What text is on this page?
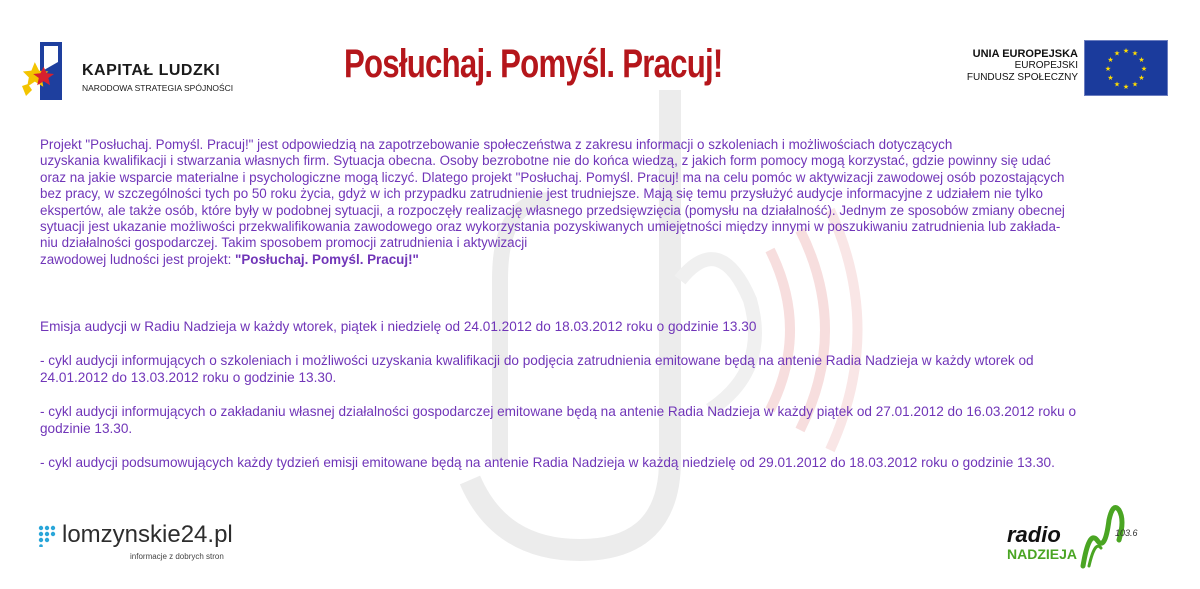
KAPITAŁ LUDZKI
NARODOWA STRATEGIA SPÓJNOŚCI
Posłuchaj. Pomyśl. Pracuj!	UNIA EUROPEJSKA
EUROPEJSKI
FUNDUSZ SPOŁECZNY
★ ★
★
★
★
★
★
★
★
★
★
★

Projekt "Posłuchaj. Pomyśl. Pracuj!" jest odpowiedzią na zapotrzebowanie społeczeństwa z zakresu informacji o szkoleniach i możliwościach dotyczących
uzyskania kwalifikacji i stwarzania własnych firm. Sytuacja obecna. Osoby bezrobotne nie do końca wiedzą, z jakich form pomocy mogą korzystać, gdzie powinny się udać
oraz na jakie wsparcie materialne i psychologiczne mogą liczyć. Dlatego projekt "Posłuchaj. Pomyśl. Pracuj! ma na celu pomóc w aktywizacji zawodowej osób pozostających
bez pracy, w szczególności tych po 50 roku życia, gdyż w ich przypadku zatrudnienie jest trudniejsze. Mają się temu przysłużyć audycje informacyjne z udziałem nie tylko
ekspertów, ale także osób, które były w podobnej sytuacji, a rozpoczęły realizację własnego przedsięwzięcia (pomysłu na działalność). Jednym ze sposobów zmiany obecnej
sytuacji jest ukazanie możliwości przekwalifikowania zawodowego oraz wykorzystania pozyskiwanych umiejętności między innymi w poszukiwaniu zatrudnienia lub zakłada-
niu działalności gospodarczej. Takim sposobem promocji zatrudnienia i aktywizacji
zawodowej ludności jest projekt: "Posłuchaj. Pomyśl. Pracuj!"

Emisja audycji w Radiu Nadzieja w każdy wtorek, piątek i niedzielę od 24.01.2012 do 18.03.2012 roku o godzinie 13.30

- cykl audycji informujących o szkoleniach i możliwości uzyskania kwalifikacji do podjęcia zatrudnienia emitowane będą na antenie Radia Nadzieja w każdy wtorek od

24.01.2012 do 13.03.2012 roku o godzinie 13.30.

- cykl audycji informujących o zakładaniu własnej działalności gospodarczej emitowane będą na antenie Radia Nadzieja w każdy piątek od 27.01.2012 do 16.03.2012 roku o

godzinie 13.30.

- cykl audycji podsumowujących każdy tydzień emisji emitowane będą na antenie Radia Nadzieja w każdą niedzielę od 29.01.2012 do 18.03.2012 roku o godzinie 13.30.

lomzynskie24.pl
informacje z dobrych stron
radio
NADZIEJA
103.6
